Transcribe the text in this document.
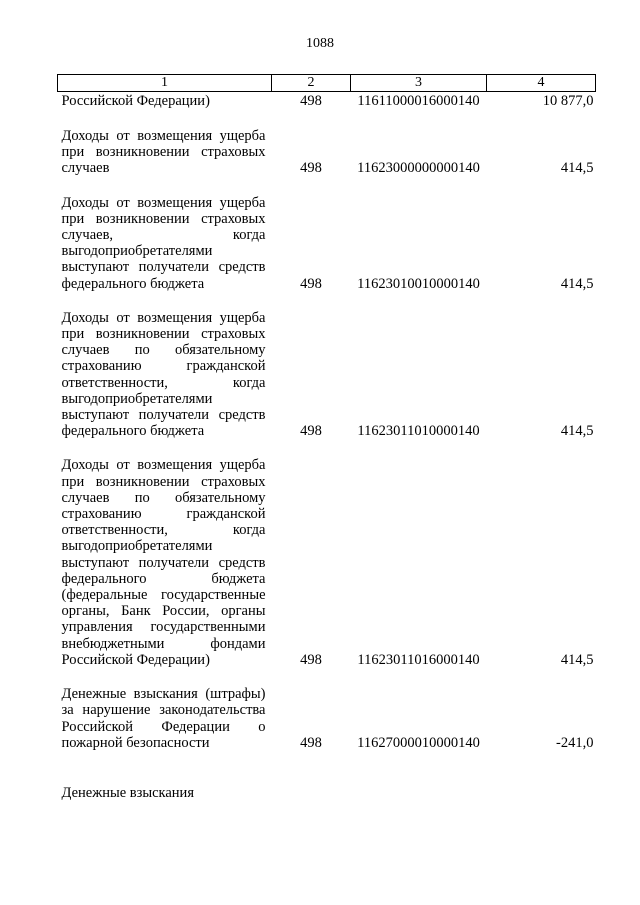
1088
1	2	3	4
Российской Федерации)	498	11611000016000140	10 877,0
Доходы от возмещения ущерба при возникновении страховых случаев	498	11623000000000140	414,5
Доходы от возмещения ущерба при возникновении страховых случаев, когда выгодоприобретателями выступают получатели средств федерального бюджета	498	11623010010000140	414,5
Доходы от возмещения ущерба при возникновении страховых случаев по обязательному страхованию гражданской ответственности, когда выгодоприобретателями выступают получатели средств федерального бюджета	498	11623011010000140	414,5
Доходы от возмещения ущерба при возникновении страховых случаев по обязательному страхованию гражданской ответственности, когда выгодоприобретателями выступают получатели средств федерального бюджета (федеральные государственные органы, Банк России, органы управления государственными внебюджетными фондами Российской Федерации)	498	11623011016000140	414,5
Денежные взыскания (штрафы) за нарушение законодательства Российской Федерации о пожарной безопасности	498	11627000010000140	-241,0
Денежные взыскания			
